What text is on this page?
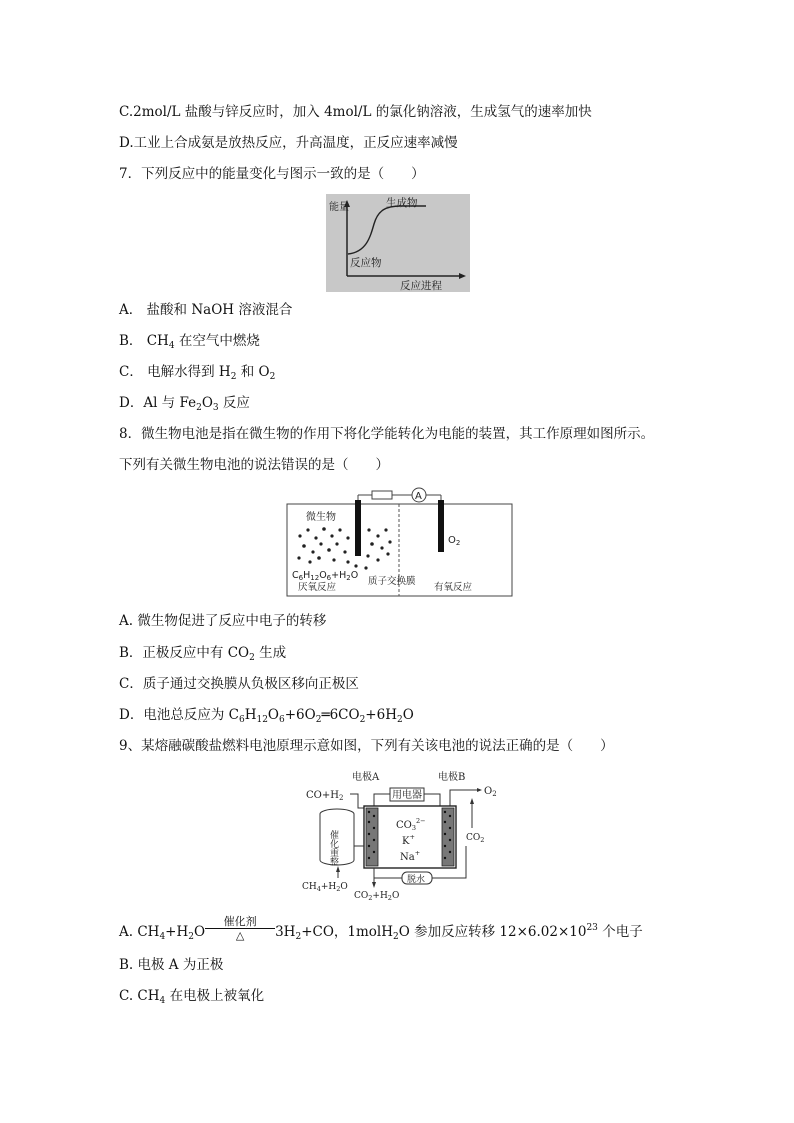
C.2mol/L 盐酸与锌反应时，加入 4mol/L 的氯化钠溶液，生成氢气的速率加快
D.工业上合成氨是放热反应，升高温度，正反应速率减慢
7．下列反应中的能量变化与图示一致的是（　　）
能量	生成物
反应物
反应进程
A． 盐酸和 NaOH 溶液混合
B． $CH_4$ 在空气中燃烧
C． 电解水得到 $H_2$ 和 $O_2$
D．Al 与 $Fe_2O_3$ 反应
8．微生物电池是指在微生物的作用下将化学能转化为电能的装置，其工作原理如图所示。
下列有关微生物电池的说法错误的是（　　）
A
微生物
$C_6H_{12}O_6+H_2O$
厌氧反应
质子交换膜
有氧反应
$O_2$
A. 微生物促进了反应中电子的转移
B．正极反应中有 $CO_2$ 生成
C．质子通过交换膜从负极区移向正极区
D．电池总反应为 $C_6H_{12}O_6+6O_2═6CO_2+6H_2O$
9、某熔融碳酸盐燃料电池原理示意如图，下列有关该电池的说法正确的是（　　）
电极A	电极B
用电器
$CO+H_2$
$O_2$
$CO_2$
$CO_3^{2-}$
K+
Na+
催化重整
$CH_4+H_2O$
$CO_2+H_2O$
脱水
A. $CH_4+H_2O \frac{\text{催化剂}}{\triangle} 3H_2+CO$，1molH$_2$O 参加反应转移 $12\times 6.02\times 10^{23}$ 个电子
B. 电极 A 为正极
C. $CH_4$ 在电极上被氧化
